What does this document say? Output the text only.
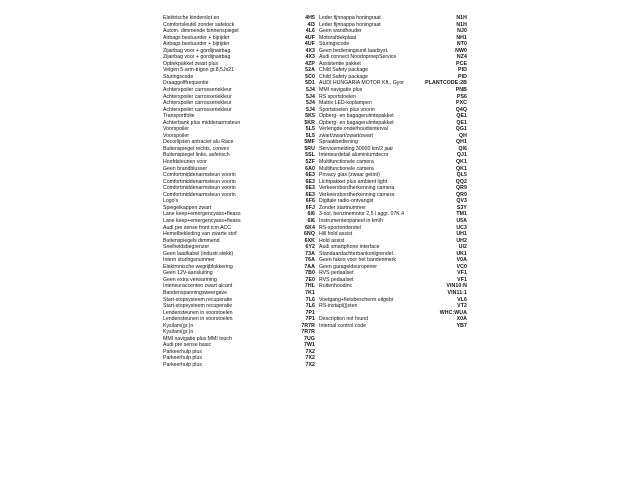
Elektrische kinderslot en	4H5
Comfortsleutel zonder safelock	4I3
Autom. dimmende binnenspiegel	4L6
Airbags bestuurder + bijrijder	4UF
Airbags bestuurder + bijrijder	4UF
Zijairbag voor + gordijnairbag	4X3
Zijairbag voor + gordijnairbag	4X3
Optiekpakket zwart plus	4ZP
Velgen 5-arm-trigon gr.8,5Jx21	52A
Sturingscode	5C0
Draaggolffrequentie	5D1
Achterspoiler carrosseriekleur	5J4
Achterspoiler carrosseriekleur	5J4
Achterspoiler carrosseriekleur	5J4
Achterspoiler carrosseriekleur	5J4
Transportfolie	5K5
Achterbank plus middenarmsteun	5KR
Voorspoiler	5L5
Voorspoiler	5L5
Decorlijsten antraciet alu Race	5MF
Buitenspiegel rechts, convex	5RU
Buitenspiegel links, asferisch	5SL
Hoofdsteunen voor	5ZF
Geen brandblusser	6A0
Comfortmiddenarmsteun voorin	6E3
Comfortmiddenarmsteun voorin	6E3
Comfortmiddenarmsteun voorin	6E3
Comfortmiddenarmsteun voorin	6E3
Logo's	6F6
Spiegelkappen zwart	6FJ
Lane keep+emergencyass+fleass	6I6
Lane keep+emergencyass+fleass	6I6
Audi pre sense front icm ACC	6K4
Hemelbekleding van zwarte stof	6NQ
Buitenspiegels dimmend	6XK
Snelheidsbegrenzer	6Y2
Geen laadkabel (industr.stekk)	73A
Intern sturingsnummer	76A
Elektronische wegrijblokkering	7AA
Geen 12V-aansluiting	7B0
Geen extra verwarming	7E0
Interieuraccenten zwart alcant	7HL
Bandenspanningsweergave	7K1
Start-stopsysteem recuperatie	7L6
Start-stopsysteem recuperatie	7L6
Lendensteunen in voorstoelen	7P1
Lendensteunen in voorstoelen	7P1
Kysilam(gr.)n	7R7R
Kysilam(gr.)n	7R7R
MMI navigatie plus MMI touch	7UG
Audi pre sense basic	7W1
Parkeerhulp plus	7X2
Parkeerhulp plus	7X2
Parkeerhulp plus	7X2
Leder fijnnappa honingraat	N1H
Leder fijnnappa honingraat	N1H
Geen wandhouder	NJ0
Motorafdekplaat	NH1
Sturingscode	NT0
Geen bedieningsunit laadsyst.	NW0
Audi connect NoodoproepService	NZ4
Assistentie pakket	PCE
Child Safety package	PID
Child Safety package	PID
AUDI HUNGARIA MOTOR Kft., Gyor	PLANTCODE:2B
MMI navigatie plus	PNB
RS sportstoelen	PS6
Matrix LED-koplampen	PXC
Sportstoelen plus voorin	Q4Q
Opberg- en bagagerulmtepakket	QE1
Opberg- en bagagerulmtepakket	QE1
Verlengde onderhoudsinterval	QG1
zwart/zwart/zwart/zwart	QH
Spraakbediening	QH1
Servicemelding 30000 km/2 jaar	QI6
Interieurdetail aluminiumdecor	QJ1
Multifunctionele camera	QK1
Multifunctionele camera	QK1
Privacy glas (zwaar getint)	QL5
Lichtpakket plus ambient light	QQ2
Verkeersbordherkenning camera	QR9
Verkeersbordherkenning camera	QR9
Digitale radio-ontvangst	QV3
Zonder startnummer	S3Y
3-ooi. benzinemotor 2,5 l aggr. 07K.4	TM1
Instrumentenpaneel in km/h	U5A
RS-sportonderstel	UC3
Hill hold assist	UH1
Hold assist	UH2
Audi smartphone interface	UI2
Standaardachterbankonlgrendel.	UK1
Geen fakes voor het bandenmerk	V0A
Geen garageldeuropener	VC0
RVS pedaalset	VF1
RVS pedaalset	VF1
Ruitenhoudinc	VIN10:N
VIN11:1
Voetgang+fietsbescherm uitgebr	VL6
RS-instapl(j)sten	VT2
WHC:WUA
Description not found	X0A
Internal control code	YB7
